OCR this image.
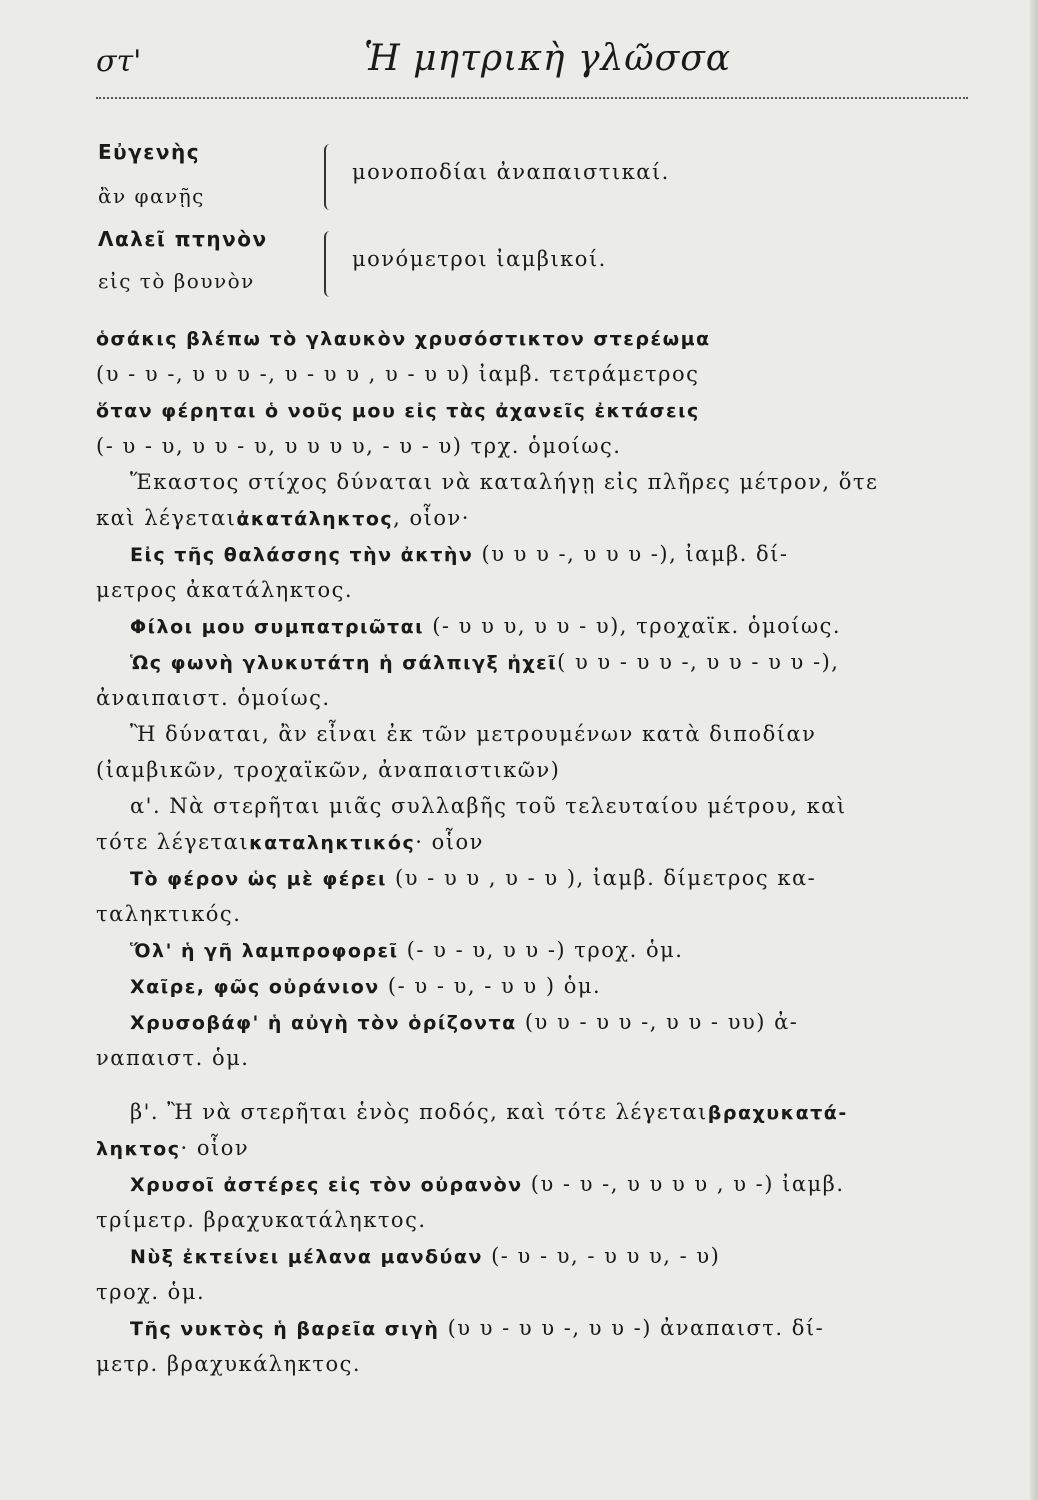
στ'	Ἡ μητρικὴ γλῶσσα
Εὐγενὴς
ἂν φανῇς
μονοποδίαι ἀναπαιστικαί.
Λαλεῖ πτηνὸν
εἰς τὸ βουνὸν
μονόμετροι ἰαμβικοί.
ὁσάκις βλέπω τὸ γλαυκὸν χρυσόστικτον στερέωμα
(υ - υ -, υ υ υ -, υ - υ υ , υ - υ υ) ἰαμβ. τετράμετρος
ὅταν φέρηται ὁ νοῦς μου εἰς τὰς ἀχανεῖς ἐκτάσεις
(- υ - υ, υ υ - υ, υ υ υ υ, - υ - υ) τρχ. ὁμοίως.
Ἕκαστος στίχος δύναται νὰ καταλήγῃ εἰς πλῆρες μέτρον, ὅτε
καὶ λέγεταιἀκατάληκτος, οἷον·
Εἰς τῆς θαλάσσης τὴν ἀκτὴν (υ υ υ -, υ υ υ -), ἰαμβ. δί-
μετρος ἀκατάληκτος.
Φίλοι μου συμπατριῶται (- υ υ υ, υ υ - υ), τροχαϊκ. ὁμοίως.
Ὡς φωνὴ γλυκυτάτη ἡ σάλπιγξ ἠχεῖ( υ υ - υ υ -, υ υ - υ υ -),
ἀναιπαιστ. ὁμοίως.
Ἢ δύναται, ἂν εἶναι ἐκ τῶν μετρουμένων κατὰ διποδίαν
(ἰαμβικῶν, τροχαϊκῶν, ἀναπαιστικῶν)
α'. Νὰ στερῆται μιᾶς συλλαβῆς τοῦ τελευταίου μέτρου, καὶ
τότε λέγεταικαταληκτικός· οἷον
Τὸ φέρον ὡς μὲ φέρει (υ - υ υ , υ - υ ), ἰαμβ. δίμετρος κα-
ταληκτικός.
Ὅλ' ἡ γῆ λαμπροφορεῖ (- υ - υ, υ υ -) τροχ. ὁμ.
Χαῖρε, φῶς οὐράνιον (- υ - υ, - υ υ ) ὁμ.
Χρυσοβάφ' ἡ αὐγὴ τὸν ὁρίζοντα (υ υ - υ υ -, υ υ - υυ) ἀ-
ναπαιστ. ὁμ.
β'. Ἢ νὰ στερῆται ἑνὸς ποδός, καὶ τότε λέγεταιβραχυκατά-
ληκτος· οἷον
Χρυσοῖ ἀστέρες εἰς τὸν οὐρανὸν (υ - υ -, υ υ υ υ , υ -) ἰαμβ.
τρίμετρ. βραχυκατάληκτος.
Νὺξ ἐκτείνει μέλανα μανδύαν (- υ - υ, - υ υ υ, - υ)
τροχ. ὁμ.
Τῆς νυκτὸς ἡ βαρεῖα σιγὴ (υ υ - υ υ -, υ υ -) ἀναπαιστ. δί-
μετρ. βραχυκάληκτος.
